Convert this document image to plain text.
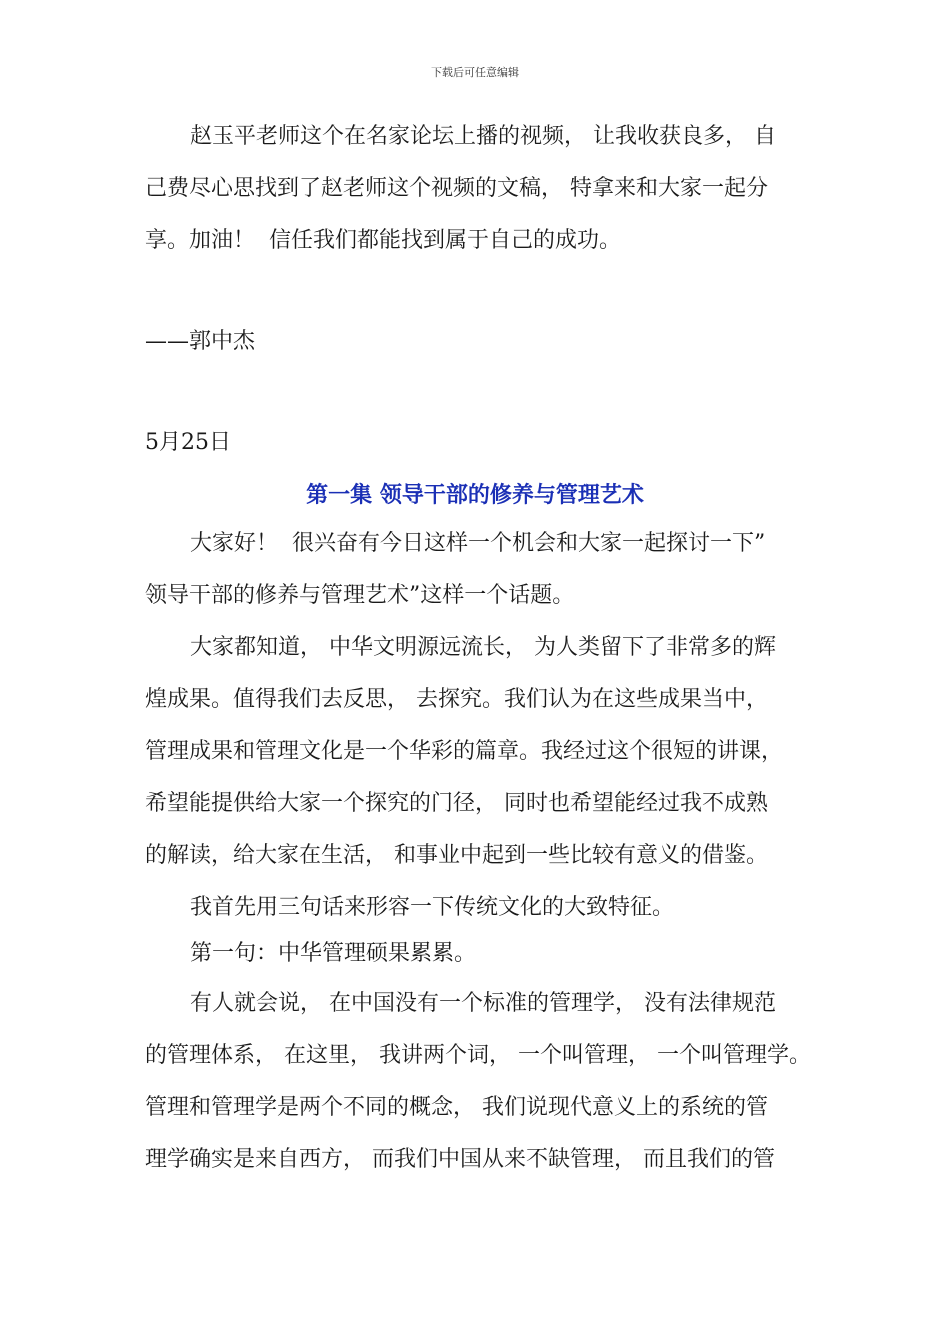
下载后可任意编辑
赵玉平老师这个在名家论坛上播的视频， 让我收获良多， 自
己费尽心思找到了赵老师这个视频的文稿， 特拿来和大家一起分
享。加油！  信任我们都能找到属于自己的成功。
——郭中杰
5月25日
第一集 领导干部的修养与管理艺术
大家好！  很兴奋有今日这样一个机会和大家一起探讨一下”
领导干部的修养与管理艺术”这样一个话题。
大家都知道， 中华文明源远流长， 为人类留下了非常多的辉
煌成果。值得我们去反思， 去探究。我们认为在这些成果当中，
管理成果和管理文化是一个华彩的篇章。我经过这个很短的讲课，
希望能提供给大家一个探究的门径， 同时也希望能经过我不成熟
的解读，给大家在生活， 和事业中起到一些比较有意义的借鉴。
我首先用三句话来形容一下传统文化的大致特征。
第一句：中华管理硕果累累。
有人就会说， 在中国没有一个标准的管理学， 没有法律规范
的管理体系， 在这里， 我讲两个词， 一个叫管理， 一个叫管理学。
管理和管理学是两个不同的概念， 我们说现代意义上的系统的管
理学确实是来自西方， 而我们中国从来不缺管理， 而且我们的管
